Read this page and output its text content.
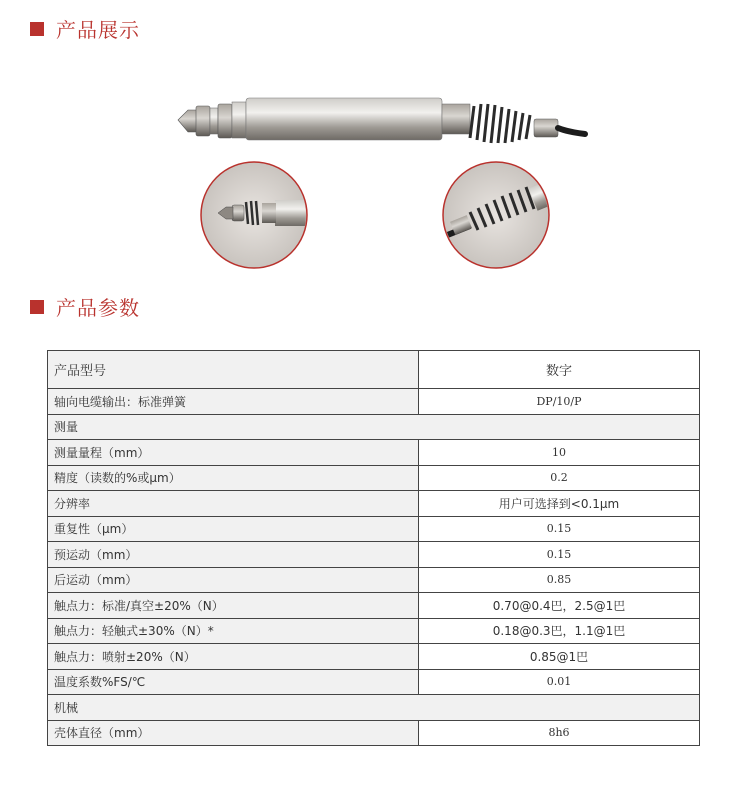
产品展示
产品参数
产品型号	数字
轴向电缆输出：标准弹簧	DP/10/P
测量	
测量量程（mm）	10
精度（读数的%或μm）	0.2
分辨率	用户可选择到<0.1μm
重复性（μm）	0.15
预运动（mm）	0.15
后运动（mm）	0.85
触点力：标准/真空±20%（N）	0.70@0.4巴，2.5@1巴
触点力：轻触式±30%（N）*	0.18@0.3巴，1.1@1巴
触点力：喷射±20%（N）	0.85@1巴
温度系数%FS/℃	0.01
机械	
壳体直径（mm）	8h6
